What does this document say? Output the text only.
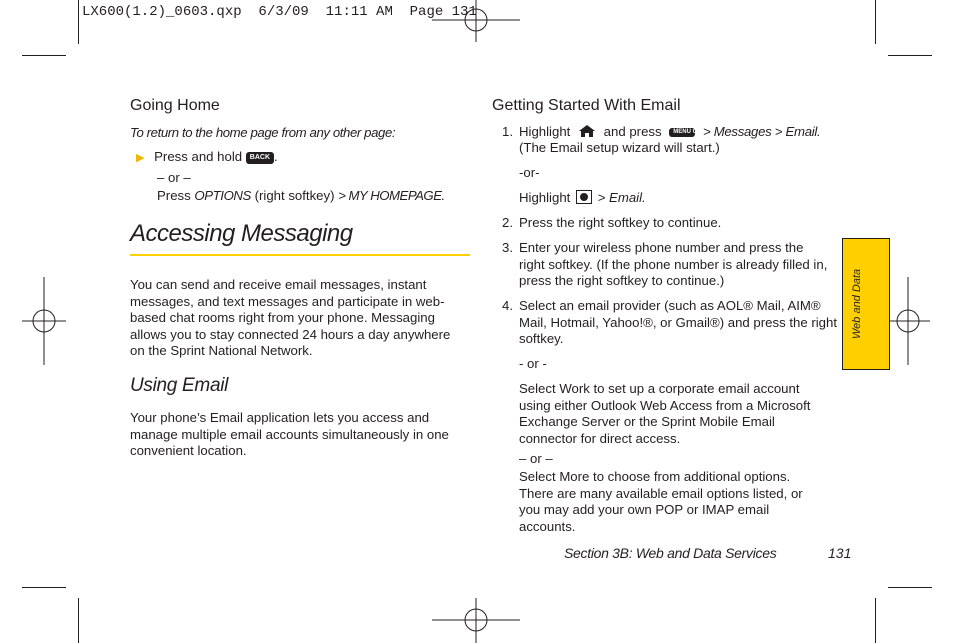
LX600(1.2)_0603.qxp  6/3/09  11:11 AM  Page 131
Going Home
To return to the home page from any other page:
▶ Press and hold BACK .
– or –
Press OPTIONS (right softkey) > MY HOMEPAGE.
Accessing Messaging
You can send and receive email messages, instant
messages, and text messages and participate in web-
based chat rooms right from your phone. Messaging
allows you to stay connected 24 hours a day anywhere
on the Sprint National Network.
Using Email
Your phone’s Email application lets you access and
manage multiple email accounts simultaneously in one
convenient location.
Getting Started With Email
1. Highlight	and press MENU OK > Messages > Email.
(The Email setup wizard will start.)
-or-
Highlight > Email.
2. Press the right softkey to continue.
3. Enter your wireless phone number and press the
right softkey. (If the phone number is already filled in,
press the right softkey to continue.)
4. Select an email provider (such as AOL® Mail, AIM®
Mail, Hotmail, Yahoo!®, or Gmail®) and press the right
softkey.
- or -
Select Work to set up a corporate email account
using either Outlook Web Access from a Microsoft
Exchange Server or the Sprint Mobile Email
connector for direct access.
– or –
Select More to choose from additional options.
There are many available email options listed, or
you may add your own POP or IMAP email
accounts.
Section 3B: Web and Data Services	131
Web and Data
